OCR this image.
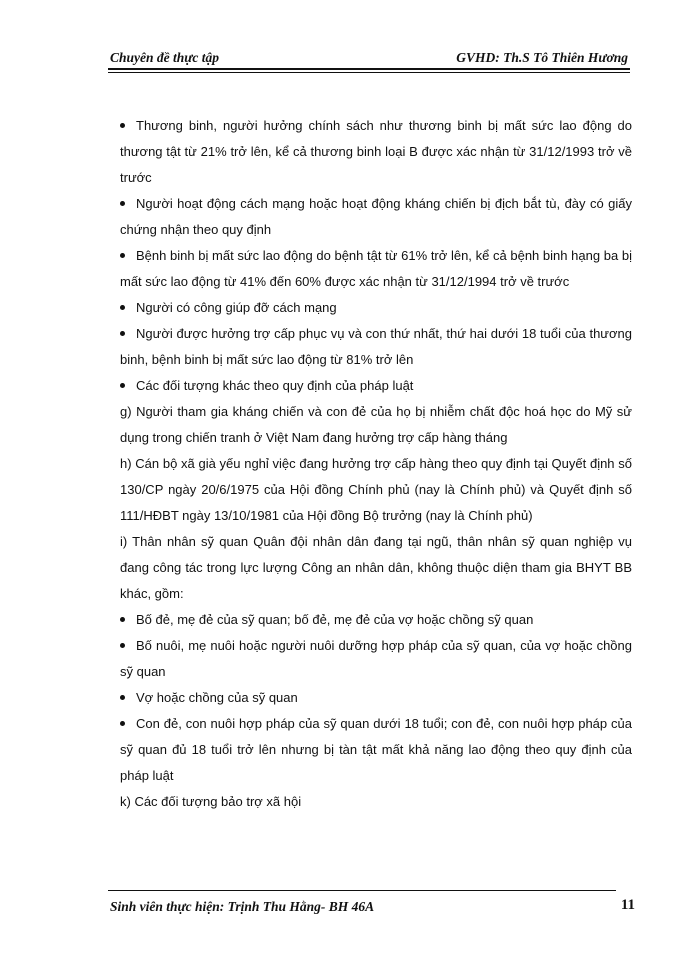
Chuyên đề thực tập	GVHD: Th.S Tô Thiên Hương

Thương binh, người hưởng chính sách như thương binh bị mất sức lao động do thương tật từ 21% trở lên, kể cả thương binh loại B được xác nhận từ 31/12/1993 trở về trước

Người hoạt động cách mạng hoặc hoạt động kháng chiến bị địch bắt tù, đày có giấy chứng nhận theo quy định

Bệnh binh bị mất sức lao động do bệnh tật từ 61% trở lên, kể cả bệnh binh hạng ba bị mất sức lao động từ 41% đến 60% được xác nhận từ 31/12/1994 trở về trước

Người có công giúp đỡ cách mạng

Người được hưởng trợ cấp phục vụ và con thứ nhất, thứ hai dưới 18 tuổi của thương binh, bệnh binh bị mất sức lao động từ 81% trở lên

Các đối tượng khác theo quy định của pháp luật

g) Người tham gia kháng chiến và con đẻ của họ bị nhiễm chất độc hoá học do Mỹ sử dụng trong chiến tranh ở Việt Nam đang hưởng trợ cấp hàng tháng

h) Cán bộ xã già yếu nghỉ việc đang hưởng trợ cấp hàng theo quy định tại Quyết định số 130/CP ngày 20/6/1975 của Hội đồng Chính phủ (nay là Chính phủ) và Quyết định số 111/HĐBT ngày 13/10/1981 của Hội đồng Bộ trưởng (nay là Chính phủ)

i) Thân nhân sỹ quan Quân đội nhân dân đang tại ngũ, thân nhân sỹ quan nghiệp vụ đang công tác trong lực lượng Công an nhân dân, không thuộc diện tham gia BHYT BB khác, gồm:

Bố đẻ, mẹ đẻ của sỹ quan; bố đẻ, mẹ đẻ của vợ hoặc chồng sỹ quan

Bố nuôi, mẹ nuôi hoặc người nuôi dưỡng hợp pháp của sỹ quan, của vợ hoặc chồng sỹ quan

Vợ hoặc chồng của sỹ quan

Con đẻ, con nuôi hợp pháp của sỹ quan dưới 18 tuổi; con đẻ, con nuôi hợp pháp của sỹ quan đủ 18 tuổi trở lên nhưng bị tàn tật mất khả năng lao động theo quy định của pháp luật

k) Các đối tượng bảo trợ xã hội

Sinh viên thực hiện: Trịnh Thu Hằng- BH 46A	11
